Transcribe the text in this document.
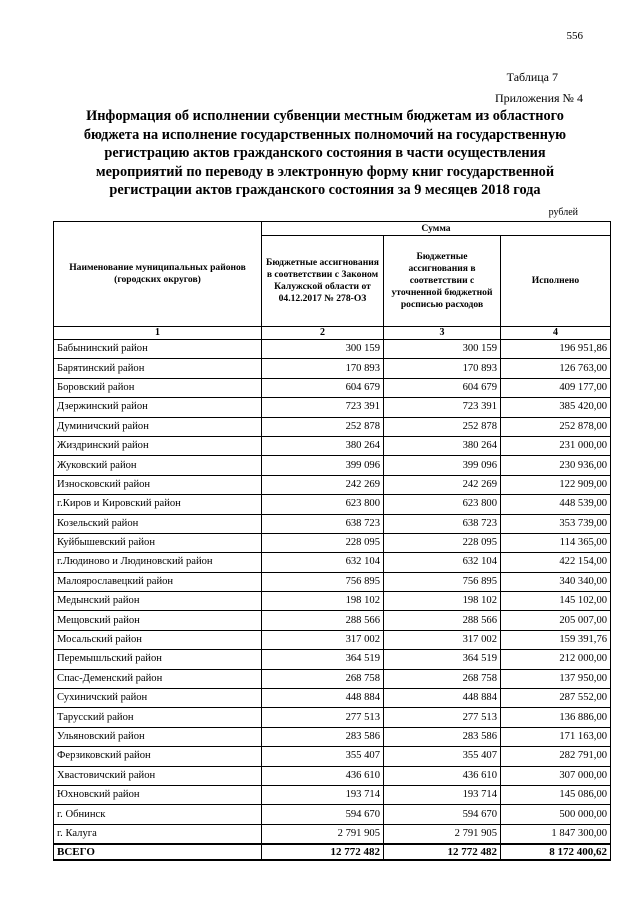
556
Таблица 7
Приложения № 4
Информация об исполнении субвенции местным бюджетам из областного
бюджета на исполнение государственных полномочий на государственную
регистрацию актов гражданского состояния в части осуществления
мероприятий по переводу в электронную форму книг государственной
регистрации актов гражданского состояния за 9 месяцев 2018 года
рублей
Наименование муниципальных районов (городских округов)	Сумма		
	Бюджетные ассигнования в соответствии с Законом Калужской области от 04.12.2017 № 278-ОЗ	Бюджетные ассигнования в соответствии с уточненной бюджетной росписью расходов	Исполнено
1	2	3	4
Бабынинский район	300 159	300 159	196 951,86
Барятинский район	170 893	170 893	126 763,00
Боровский район	604 679	604 679	409 177,00
Дзержинский район	723 391	723 391	385 420,00
Думиничский район	252 878	252 878	252 878,00
Жиздринский район	380 264	380 264	231 000,00
Жуковский район	399 096	399 096	230 936,00
Износковский район	242 269	242 269	122 909,00
г.Киров и Кировский район	623 800	623 800	448 539,00
Козельский район	638 723	638 723	353 739,00
Куйбышевский район	228 095	228 095	114 365,00
г.Людиново и Людиновский район	632 104	632 104	422 154,00
Малоярославецкий район	756 895	756 895	340 340,00
Медынский район	198 102	198 102	145 102,00
Мещовский район	288 566	288 566	205 007,00
Мосальский район	317 002	317 002	159 391,76
Перемышльский район	364 519	364 519	212 000,00
Спас-Деменский район	268 758	268 758	137 950,00
Сухиничский район	448 884	448 884	287 552,00
Тарусский район	277 513	277 513	136 886,00
Ульяновский район	283 586	283 586	171 163,00
Ферзиковский район	355 407	355 407	282 791,00
Хвастовичский район	436 610	436 610	307 000,00
Юхновский район	193 714	193 714	145 086,00
г. Обнинск	594 670	594 670	500 000,00
г. Калуга	2 791 905	2 791 905	1 847 300,00
ВСЕГО	12 772 482	12 772 482	8 172 400,62
